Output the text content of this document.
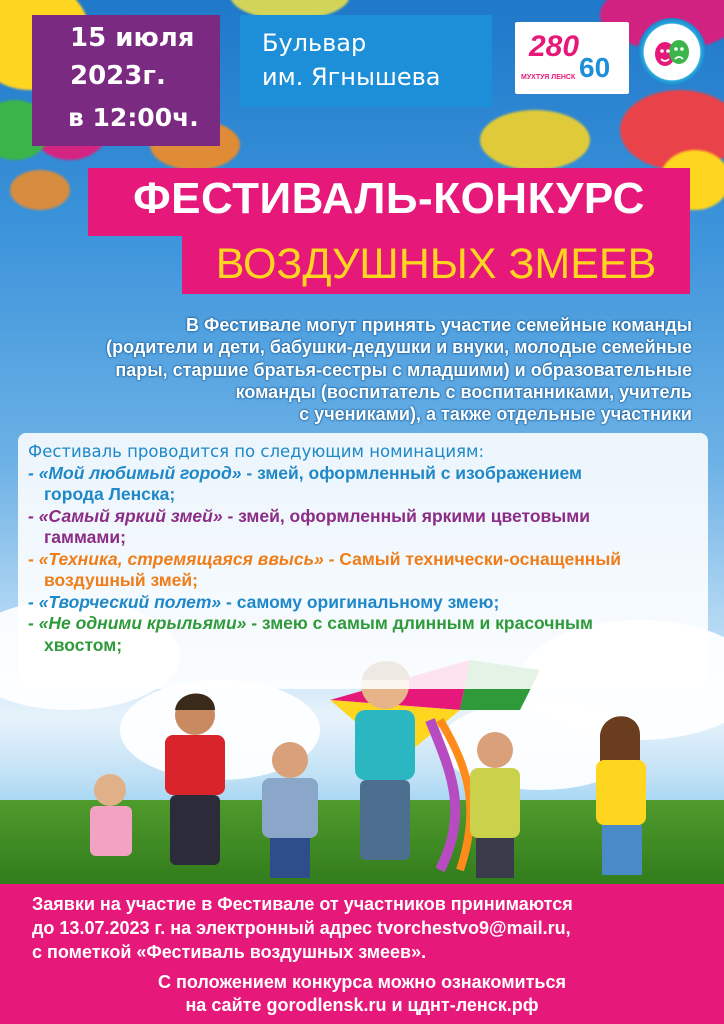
15 июля
2023г.
в 12:00ч.
Бульвар
им. Ягнышева
280
60
МУХТУЯ ЛЕНСК
ФЕСТИВАЛЬ-КОНКУРС
ВОЗДУШНЫХ ЗМЕЕВ
В Фестивале могут принять участие семейные команды
(родители и дети, бабушки-дедушки и внуки, молодые семейные
пары, старшие братья-сестры с младшими) и образовательные
команды (воспитатель с воспитанниками, учитель
с учениками), а также отдельные участники
Фестиваль проводится по следующим номинациям:
- «Мой любимый город» - змей, оформленный с изображением
города Ленска;
- «Самый яркий змей» - змей, оформленный яркими цветовыми
гаммами;
- «Техника, стремящаяся ввысь» - Самый технически-оснащенный
воздушный змей;
- «Творческий полет» - самому оригинальному змею;
- «Не одними крыльями» - змею с самым длинным и красочным
хвостом;
Заявки на участие в Фестивале от участников принимаются
до 13.07.2023 г. на электронный адрес tvorchestvo9@mail.ru,
с пометкой «Фестиваль воздушных змеев».
С положением конкурса можно ознакомиться
на сайте gorodlensk.ru и цднт-ленск.рф
